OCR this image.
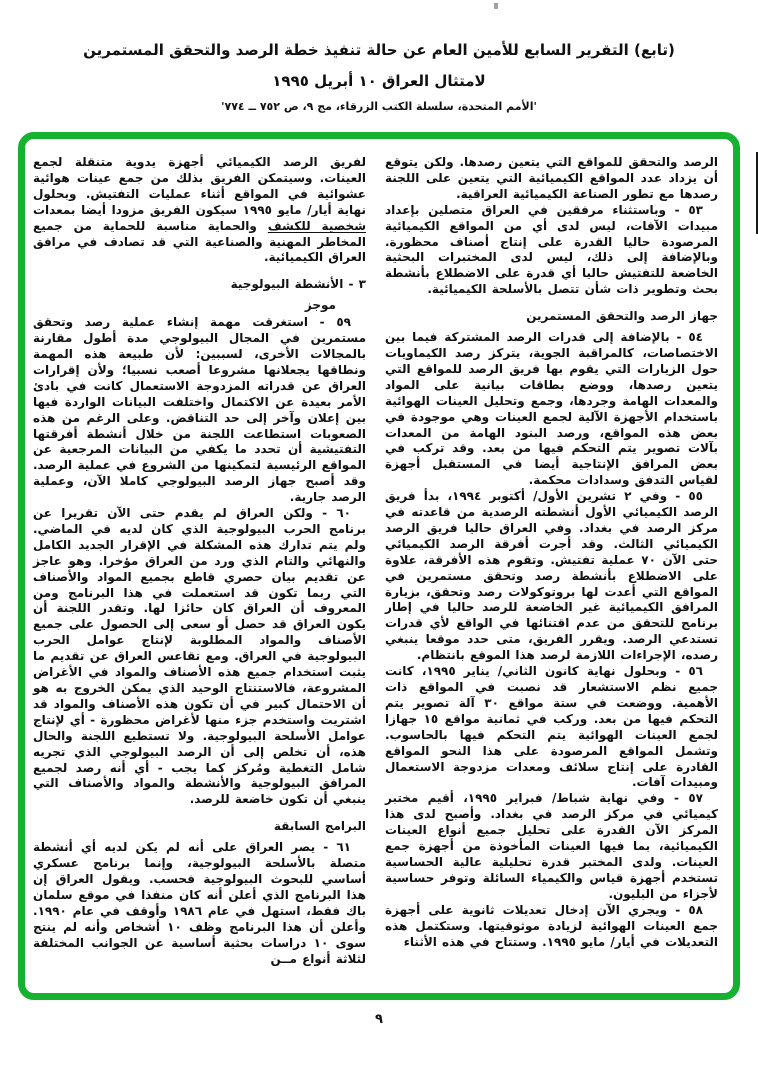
(تابع) التقرير السابع للأمين العام عن حالة تنفيذ خطة الرصد والتحقق المستمرين
لامتثال العراق ١٠ أبريل ١٩٩٥
'الأمم المتحدة، سلسلة الكتب الزرقاء، مج ٩، ص ٧٥٢ ــ ٧٧٤'
الرصد والتحقق للمواقع التي يتعين رصدها. ولكن يتوقع أن يزداد عدد المواقع الكيميائية التي يتعين على اللجنة رصدها مع تطور الصناعة الكيميائية العراقية.
٥٣ - وباستثناء مرفقين في العراق متصلين بإعداد مبيدات الآفات، ليس لدى أي من المواقع الكيميائية المرصودة حاليا القدرة على إنتاج أصناف محظورة. وبالإضافة إلى ذلك، ليس لدى المختبرات البحثية الخاضعة للتفتيش حاليا أي قدرة على الاضطلاع بأنشطة بحث وتطوير ذات شأن تتصل بالأسلحة الكيميائية.
جهاز الرصد والتحقق المستمرين
٥٤ - بالإضافة إلى قدرات الرصد المشتركة فيما بين الاختصاصات، كالمراقبة الجوية، يتركز رصد الكيماويات حول الزيارات التي يقوم بها فريق الرصد للمواقع التي يتعين رصدها، ووضع بطاقات بيانية على المواد والمعدات الهامة وجردها، وجمع وتحليل العينات الهوائية باستخدام الأجهزة الآلية لجمع العينات وهي موجودة في بعض هذه المواقع، ورصد البنود الهامة من المعدات بآلات تصوير يتم التحكم فيها من بعد. وقد تركب في بعض المرافق الإنتاجية أيضا في المستقبل أجهزة لقياس التدفق وسدادات محكمة.
٥٥ - وفي ٢ تشرين الأول/ أكتوبر ١٩٩٤، بدأ فريق الرصد الكيميائي الأول أنشطته الرصدية من قاعدته في مركز الرصد في بغداد. وفي العراق حاليا فريق الرصد الكيميائي الثالث. وقد أجرت أفرقة الرصد الكيميائي حتى الآن ٧٠ عملية تفتيش. وتقوم هذه الأفرقة، علاوة على الاضطلاع بأنشطة رصد وتحقق مستمرين في المواقع التي أعدت لها بروتوكولات رصد وتحقق، بزيارة المرافق الكيميائية غير الخاضعة للرصد حاليا في إطار برنامج للتحقق من عدم اقتنائها في الواقع لأي قدرات تستدعي الرصد. ويقرر الفريق، متى حدد موقعا ينبغي رصده، الإجراءات اللازمة لرصد هذا الموقع بانتظام.
٥٦ - وبحلول نهاية كانون الثاني/ يناير ١٩٩٥، كانت جميع نظم الاستشعار قد نصبت في المواقع ذات الأهمية. ووضعت في ستة مواقع ٣٠ آلة تصوير يتم التحكم فيها من بعد. وركب في ثمانية مواقع ١٥ جهازا لجمع العينات الهوائية يتم التحكم فيها بالحاسوب. وتشمل المواقع المرصودة على هذا النحو المواقع القادرة على إنتاج سلائف ومعدات مزدوجة الاستعمال ومبيدات آفات.
٥٧ - وفي نهاية شباط/ فبراير ١٩٩٥، أقيم مختبر كيميائي في مركز الرصد في بغداد. وأصبح لدى هذا المركز الآن القدرة على تحليل جميع أنواع العينات الكيميائية، بما فيها العينات المأخوذة من أجهزة جمع العينات. ولدى المختبر قدرة تحليلية عالية الحساسية تستخدم أجهزة قياس والكيمياء السائلة وتوفر حساسية لأجزاء من البليون.
٥٨ - ويجري الآن إدخال تعديلات ثانوية على أجهزة جمع العينات الهوائية لزيادة موثوقيتها. وستكتمل هذه التعديلات في أيار/ مايو ١٩٩٥. وستتاح في هذه الأثناء
لفريق الرصد الكيميائي أجهزة يدوية متنقلة لجمع العينات. وسيتمكن الفريق بذلك من جمع عينات هوائية عشوائية في المواقع أثناء عمليات التفتيش. وبحلول نهاية أيار/ مايو ١٩٩٥ سيكون الفريق مزودا أيضا بمعدات شخصية للكشف والحماية مناسبة للحماية من جميع المخاطر المهنية والصناعية التي قد تصادف في مرافق العراق الكيميائية.
٣ - الأنشطة البيولوجية
موجز
٥٩ - استغرقت مهمة إنشاء عملية رصد وتحقق مستمرين في المجال البيولوجي مدة أطول مقارنة بالمجالات الأخرى، لسببين: لأن طبيعة هذه المهمة ونطاقها يجعلانها مشروعا أصعب نسبيا؛ ولأن إقرارات العراق عن قدراته المزدوجة الاستعمال كانت في بادئ الأمر بعيدة عن الاكتمال واختلفت البيانات الواردة فيها بين إعلان وآخر إلى حد التناقض. وعلى الرغم من هذه الصعوبات استطاعت اللجنة من خلال أنشطة أفرقتها التفتيشية أن تحدد ما يكفي من البيانات المرجعية عن المواقع الرئيسية لتمكينها من الشروع في عملية الرصد. وقد أصبح جهاز الرصد البيولوجي كاملا الآن، وعملية الرصد جارية.
٦٠ - ولكن العراق لم يقدم حتى الآن تقريرا عن برنامج الحرب البيولوجية الذي كان لديه في الماضي. ولم يتم تدارك هذه المشكلة في الإقرار الجديد الكامل والنهائي والتام الذي ورد من العراق مؤخرا. وهو عاجز عن تقديم بيان حصري قاطع بجميع المواد والأصناف التي ربما تكون قد استعملت في هذا البرنامج ومن المعروف أن العراق كان حائزا لها. وتقدر اللجنة أن يكون العراق قد حصل أو سعى إلى الحصول على جميع الأصناف والمواد المطلوبة لإنتاج عوامل الحرب البيولوجية في العراق. ومع تقاعس العراق عن تقديم ما يثبت استخدام جميع هذه الأصناف والمواد في الأغراض المشروعة، فالاستنتاج الوحيد الذي يمكن الخروج به هو أن الاحتمال كبير في أن تكون هذه الأصناف والمواد قد اشتريت واستخدم جزء منها لأغراض محظورة - أي لإنتاج عوامل الأسلحة البيولوجية. ولا تستطيع اللجنة والحال هذه، أن تخلص إلى أن الرصد البيولوجي الذي تجريه شامل التغطية ومُركز كما يجب - أي أنه رصد لجميع المرافق البيولوجية والأنشطة والمواد والأصناف التي ينبغي أن تكون خاضعة للرصد.
البرامج السابقة
٦١ - يصر العراق على أنه لم يكن لديه أي أنشطة متصلة بالأسلحة البيولوجية، وإنما برنامج عسكري أساسي للبحوث البيولوجية فحسب. ويقول العراق إن هذا البرنامج الذي أعلن أنه كان منفذا في موقع سلمان باك فقط، استهل في عام ١٩٨٦ وأوقف في عام ١٩٩٠. وأعلن أن هذا البرنامج وظف ١٠ أشخاص وأنه لم ينتج سوى ١٠ دراسات بحثية أساسية عن الجوانب المختلفة لثلاثة أنواع مــن
٩
